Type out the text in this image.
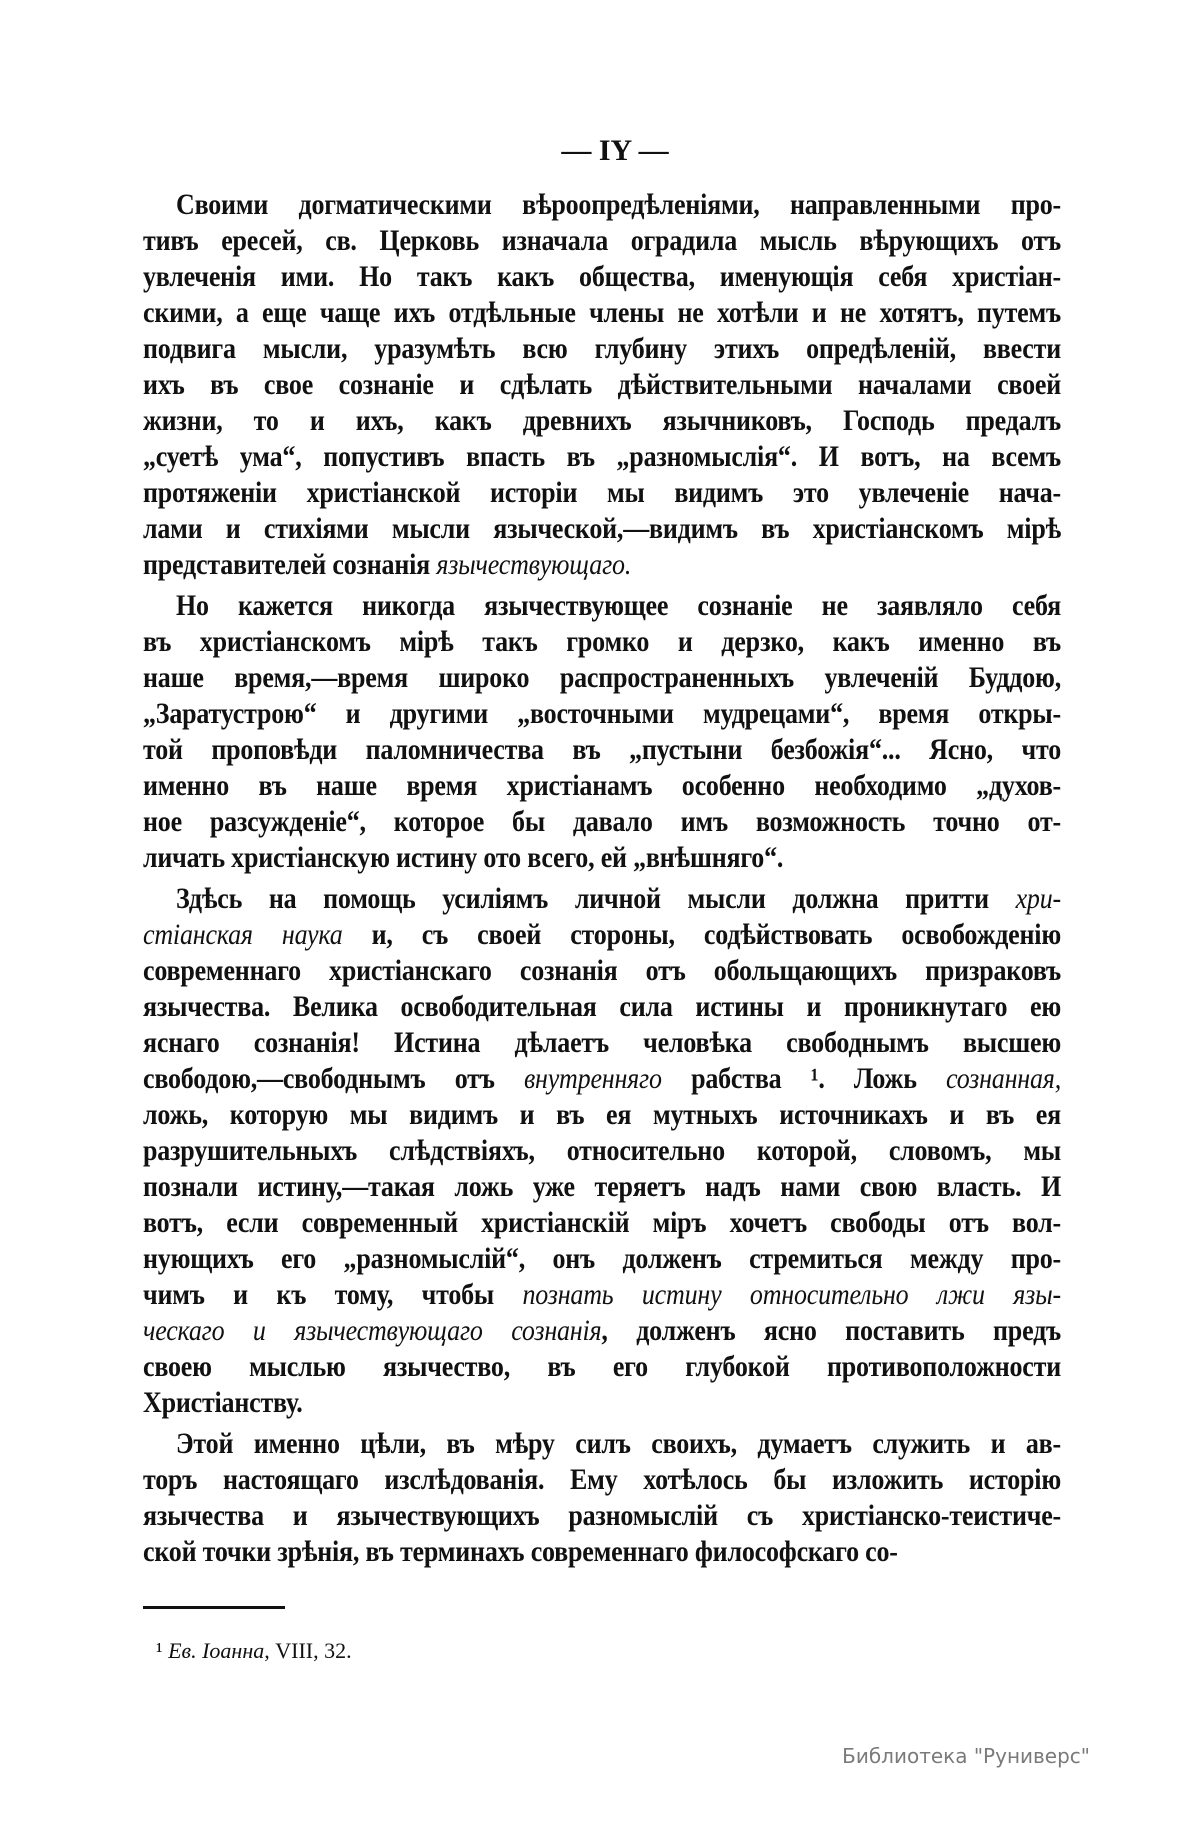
— IY —
Своими догматическими вѣроопредѣленіями, направленными про-
тивъ ересей, св. Церковь изначала оградила мысль вѣрующихъ отъ
увлеченія ими. Но такъ какъ общества, именующія себя христіан-
скими, а еще чаще ихъ отдѣльные члены не хотѣли и не хотятъ, путемъ
подвига мысли, уразумѣть всю глубину этихъ опредѣленій, ввести
ихъ въ свое сознаніе и сдѣлать дѣйствительными началами своей
жизни, то и ихъ, какъ древнихъ язычниковъ, Господь предалъ
„суетѣ ума“, попустивъ впасть въ „разномыслія“. И вотъ, на всемъ
протяженіи христіанской исторіи мы видимъ это увлеченіе нача-
лами и стихіями мысли языческой,—видимъ въ христіанскомъ мірѣ
представителей сознанія язычествующаго.
Но кажется никогда язычествующее сознаніе не заявляло себя
въ христіанскомъ мірѣ такъ громко и дерзко, какъ именно въ
наше время,—время широко распространенныхъ увлеченій Буддою,
„Заратустрою“ и другими „восточными мудрецами“, время откры-
той проповѣди паломничества въ „пустыни безбожія“... Ясно, что
именно въ наше время христіанамъ особенно необходимо „духов-
ное разсужденіе“, которое бы давало имъ возможность точно от-
личать христіанскую истину ото всего, ей „внѣшняго“.
Здѣсь на помощь усиліямъ личной мысли должна притти хри-
стіанская наука и, съ своей стороны, содѣйствовать освобожденію
современнаго христіанскаго сознанія отъ обольщающихъ призраковъ
язычества. Велика освободительная сила истины и проникнутаго ею
яснаго сознанія! Истина дѣлаетъ человѣка свободнымъ высшею
свободою,—свободнымъ отъ внутренняго рабства ¹. Ложь сознанная,
ложь, которую мы видимъ и въ ея мутныхъ источникахъ и въ ея
разрушительныхъ слѣдствіяхъ, относительно которой, словомъ, мы
познали истину,—такая ложь уже теряетъ надъ нами свою власть. И
вотъ, если современный христіанскій міръ хочетъ свободы отъ вол-
нующихъ его „разномыслій“, онъ долженъ стремиться между про-
чимъ и къ тому, чтобы познать истину относительно лжи язы-
ческаго и язычествующаго сознанія, долженъ ясно поставить предъ
своею мыслью язычество, въ его глубокой противоположности
Христіанству.
Этой именно цѣли, въ мѣру силъ своихъ, думаетъ служить и ав-
торъ настоящаго изслѣдованія. Ему хотѣлось бы изложить исторію
язычества и язычествующихъ разномыслій съ христіанско-теистиче-
ской точки зрѣнія, въ терминахъ современнаго философскаго со-
¹ Ев. Іоанна, VIII, 32.
Библиотека "Руниверс"
